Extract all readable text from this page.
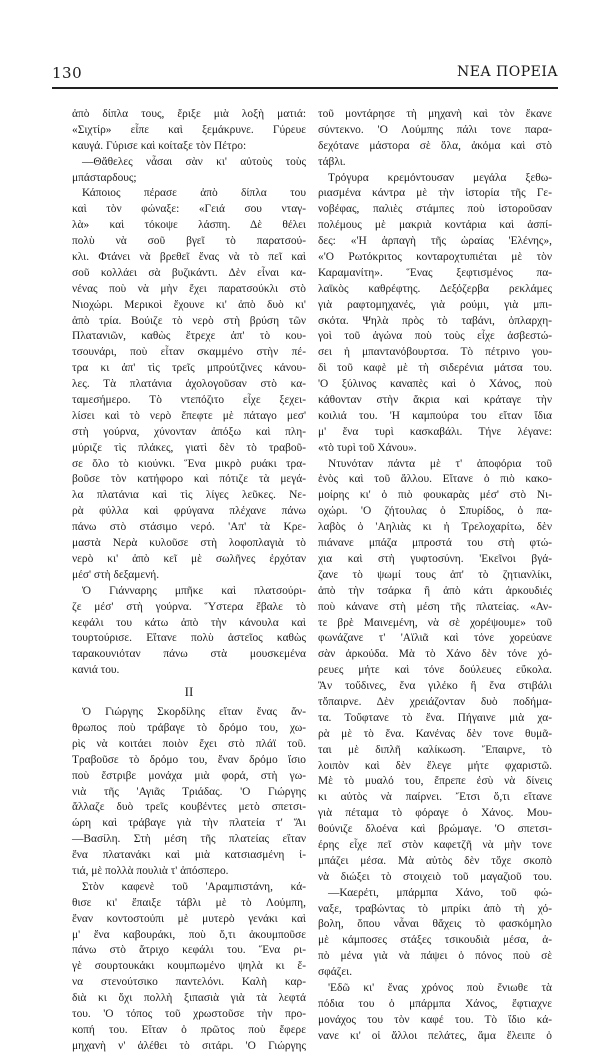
130	ΝΕΑ ΠΟΡΕΙΑ
ἀπὸ δίπλα τους, ἔριξε μιὰ λοξὴ ματιά:
«Σιχτίρ» εἶπε καὶ ξεμάκρυνε. Γύρευε
καυγά. Γύρισε καὶ κοίταξε τὸν Πέτρο:
—Θἄθελες νἆσαι σὰν κι' αὐτοὺς τοὺς
μπάσταρδους;
Κάποιος πέρασε ἀπὸ δίπλα του
καὶ τὸν φώναξε: «Γειά σου νταγ-
λὰ» καὶ τόκοψε λάσπη. Δὲ θέλει
πολὺ νὰ σοῦ βγεῖ τὸ παρατσού-
κλι. Φτάνει νὰ βρεθεῖ ἕνας νὰ τὸ πεῖ καὶ
σοῦ κολλάει σὰ βυζικάντι. Δὲν εἶναι κα-
νένας ποὺ νὰ μὴν ἔχει παρατσούκλι στὸ
Νιοχώρι. Μερικοὶ ἔχουνε κι' ἀπὸ δυὸ κι'
ἀπὸ τρία. Βούιζε τὸ νερὸ στὴ βρύση τῶν
Πλατανιῶν, καθὼς ἔτρεχε ἀπ' τὸ κου-
τσουνάρι, ποὺ εἶταν σκαμμένο στὴν πέ-
τρα κι ἀπ' τὶς τρεῖς μπρούτζινες κάνου-
λες. Τὰ πλατάνια ἀχολογοῦσαν στὸ κα-
ταμεσήμερο. Τὸ ντεπόζιτο εἶχε ξεχει-
λίσει καὶ τὸ νερὸ ἔπεφτε μὲ πάταγο μεσ'
στὴ γούρνα, χύνονταν ἀπόξω καὶ πλη-
μύριζε τὶς πλάκες, γιατὶ δὲν τὸ τραβοῦ-
σε ὅλο τὸ κιούνκι. Ἕνα μικρὸ ρυάκι τρα-
βοῦσε τὸν κατήφορο καὶ πότιζε τὰ μεγά-
λα πλατάνια καὶ τὶς λίγες λεῦκες. Νε-
ρὰ φύλλα καὶ φρύγανα πλέχανε πάνω
πάνω στὸ στάσιμο νερό. 'Απ' τὰ Κρε-
μαστὰ Νερὰ κυλοῦσε στὴ λοφοπλαγιὰ τὸ
νερὸ κι' ἀπὸ κεῖ μὲ σωλῆνες ἐρχόταν
μέσ' στὴ δεξαμενή.
Ὁ Γιάνναρης μπῆκε καὶ πλατσούρι-
ζε μέσ' στὴ γούρνα. Ὕστερα ἔβαλε τὸ
κεφάλι του κάτω ἀπὸ τὴν κάνουλα καὶ
τουρτούρισε. Εἴτανε πολὺ ἀστεῖος καθὼς
ταρακουνιόταν πάνω στὰ μουσκεμένα
κανιά του.
II
Ὁ Γιώργης Σκορδίλης εἴταν ἕνας ἄν-
θρωπος ποὺ τράβαγε τὸ δρόμο του, χω-
ρὶς νὰ κοιτάει ποιὸν ἔχει στὸ πλάϊ τοῦ.
Τραβοῦσε τὸ δρόμο του, ἕναν δρόμο ἴσιο
ποὺ ἔστριβε μονάχα μιὰ φορά, στὴ γω-
νιὰ τῆς 'Αγιᾶς Τριάδας. 'Ο Γιώργης
ἄλλαζε δυὸ τρεῖς κουβέντες μετὸ σπετσι-
ώρη καὶ τράβαγε γιὰ τὴν πλατεία τ' Ἅι
—Βασίλη. Στὴ μέση τῆς πλατείας εἴταν
ἕνα πλατανάκι καὶ μιὰ κατσιασμένη ἰ-
τιά, μὲ πολλὰ πουλιὰ τ' ἀπόσπερο.
Στὸν καφενὲ τοῦ 'Αραμπιστάνη, κά-
θισε κι' ἔπαιξε τάβλι μὲ τὸ Λούμπη,
ἕναν κοντοστούπι μὲ μυτερὸ γενάκι καὶ
μ' ἕνα καβουράκι, ποὺ ὅ,τι ἀκουμποῦσε
πάνω στὸ ἄτριχο κεφάλι του. Ἕνα ρι-
γὲ σουρτουκάκι κουμπωμένο ψηλὰ κι ἕ-
να στενούτσικο παντελόνι. Καλὴ καρ-
διὰ κι ὄχι πολλὴ ξιπασιὰ γιὰ τὰ λεφτά
του. 'Ο τόπος τοῦ χρωστοῦσε τὴν προ-
κοπή του. Εἴταν ὁ πρῶτος ποὺ ἔφερε
μηχανὴ ν' ἀλέθει τὸ σιτάρι. 'Ο Γιώργης
τοῦ μοντάρησε τὴ μηχανὴ καὶ τὸν ἔκανε
σύντεκνο. 'Ο Λούμπης πάλι τονε παρα-
δεχότανε μάστορα σὲ ὅλα, ἀκόμα καὶ στὸ
τάβλι.
Τρόγυρα κρεμόντουσαν μεγάλα ξεθω-
ριασμένα κάντρα μὲ τὴν ἱστορία τῆς Γε-
νοβέφας, παλιὲς στάμπες ποὺ ἱστοροῦσαν
πολέμους μὲ μακριὰ κοντάρια καὶ ἀσπί-
δες: «'Η ἁρπαγὴ τῆς ὡραίας 'Ελένης»,
«'Ο Ρωτόκριτος κονταροχτυπιέται μὲ τὸν
Καραμανίτη». Ἕνας ξεφτισμένος πα-
λαϊκὸς καθρέφτης. Δεξόζερβα ρεκλάμες
γιὰ ραφτομηχανές, γιὰ ρούμι, γιὰ μπι-
σκότα. Ψηλὰ πρὸς τὸ ταβάνι, ὁπλαρχη-
γοὶ τοῦ ἀγώνα ποὺ τοὺς εἶχε ἀσβεστώ-
σει ἡ μπαντανόβουρτσα. Τὸ πέτρινο γου-
δὶ τοῦ καφὲ μὲ τὴ σιδερένια μάτσα του.
'Ο ξύλινος καναπὲς καὶ ὁ Χάνος, ποὺ
κάθονταν στὴν ἄκρια καὶ κράταγε τὴν
κοιλιά του. 'Η καμπούρα του εἴταν ἴδια
μ' ἕνα τυρὶ κασκαβάλι. Τήνε λέγανε:
«τὸ τυρὶ τοῦ Χάνου».
Ντυνόταν πάντα μὲ τ' ἀποφόρια τοῦ
ἑνὸς καὶ τοῦ ἄλλου. Εἴτανε ὁ πιὸ κακο-
μοίρης κι' ὁ πιὸ φουκαρὰς μέσ' στὸ Νι-
οχώρι. 'Ο ζήτουλας ὁ Σπυρίδος, ὁ πα-
λαβὸς ὁ 'Αηλιὰς κι ἡ Τρελοχαρίτω, δὲν
πιάνανε μπάζα μπροστά του στὴ φτώ-
χια καὶ στὴ γυφτοσύνη. 'Εκεῖνοι βγά-
ζανε τὸ ψωμί τους ἀπ' τὸ ζητιανλίκι,
ἀπὸ τὴν τσάρκα ἢ ἀπὸ κάτι ἀρκουδιές
ποὺ κάνανε στὴ μέση τῆς πλατείας. «Αν-
τε βρὲ Μαινεμένη, νὰ σὲ χορέψουμε» τοῦ
φωνάζανε τ' 'Αϊλιᾶ καὶ τόνε χορεύανε
σὰν ἀρκούδα. Μὰ τὸ Χάνο δὲν τόνε χό-
ρευες μήτε καὶ τόνε δούλευες εὔκολα.
Ἂν τοὔδινες, ἕνα γιλέκο ἢ ἕνα στιβάλι
τὄπαιρνε. Δὲν χρειάζονταν δυὸ ποδήμα-
τα. Τοὔφτανε τὸ ἕνα. Πήγαινε μιὰ χα-
ρὰ μὲ τὸ ἕνα. Κανένας δὲν τονε θυμᾶ-
ται μὲ διπλῆ καλίκωση. Ἔπαιρνε, τὸ
λοιπὸν καὶ δὲν ἔλεγε μήτε φχαριστῶ.
Μὲ τὸ μυαλό του, ἔπρεπε ἐσὺ νὰ δίνεις
κι αὐτὸς νὰ παίρνει. Ἔτσι ὅ,τι εἴτανε
γιὰ πέταμα τὸ φόραγε ὁ Χάνος. Μου-
θούνιζε δλοένα καὶ βρώμαγε. 'Ο σπετσι-
έρης εἶχε πεῖ στὸν καφετζῆ νὰ μὴν τονε
μπάζει μέσα. Μὰ αὐτὸς δὲν τὄχε σκοπὸ
νὰ διώξει τὸ στοιχειὸ τοῦ μαγαζιοῦ του.
—Καερέτι, μπάρμπα Χάνο, τοῦ φώ-
ναξε, τραβώντας τὸ μπρίκι ἀπὸ τὴ χό-
βολη, ὅπου νἆναι θἄχεις τὸ φασκόμηλο
μὲ κάμποσες στάξες τσικουδιὰ μέσα, ἀ-
πὸ μένα γιὰ νὰ πάψει ὁ πόνος ποὺ σὲ
σφάζει.
'Εδῶ κι' ἕνας χρόνος ποὺ ἔνιωθε τὰ
πόδια του ὁ μπάρμπα Χάνος, ἔφτιαχνε
μονάχος του τὸν καφέ του. Τὸ ἴδιο κά-
νανε κι' οἱ ἄλλοι πελάτες, ἅμα ἔλειπε ὁ
